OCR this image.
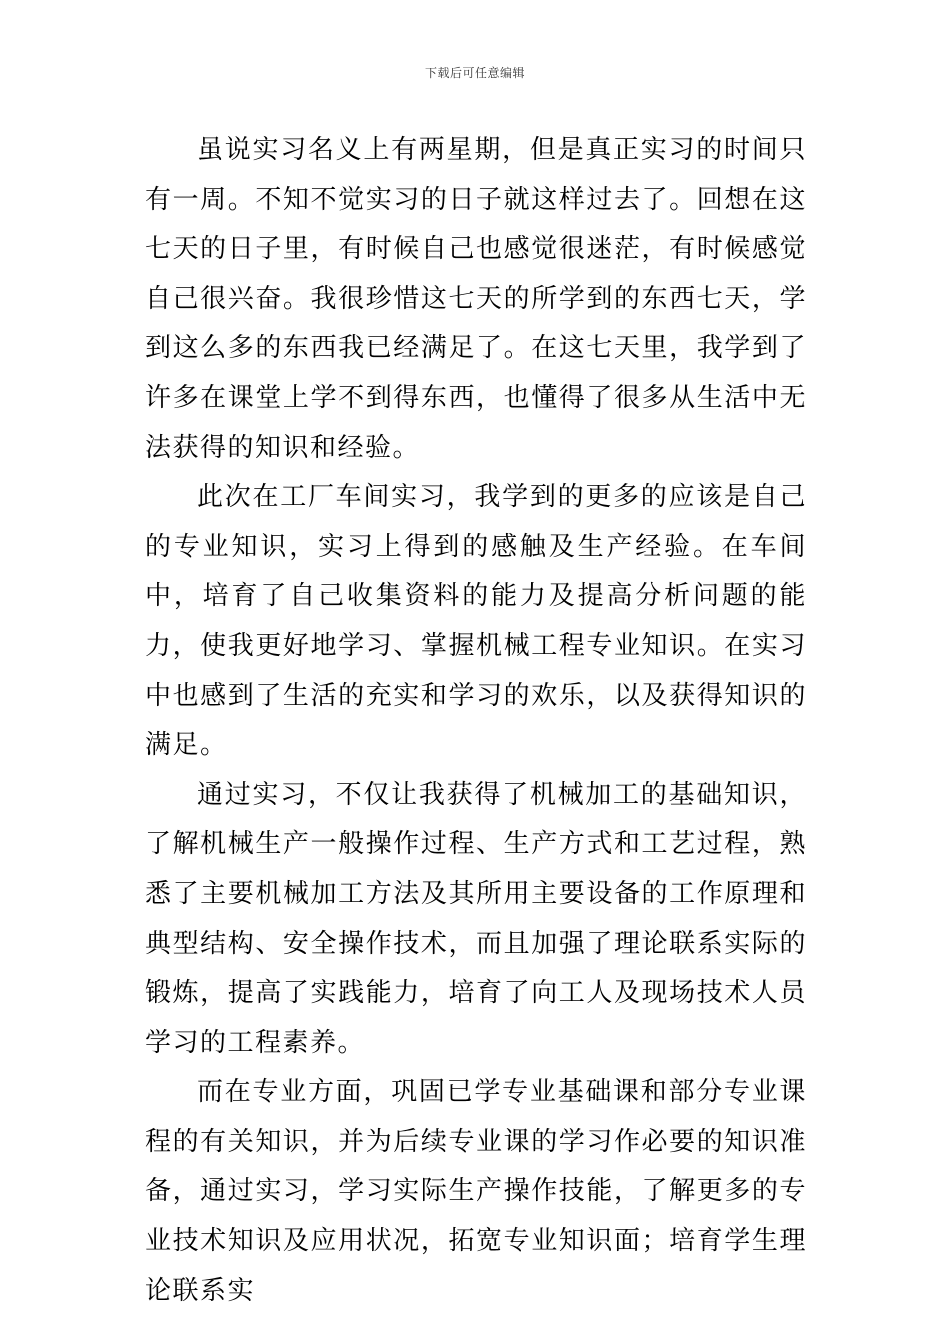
下载后可任意编辑

虽说实习名义上有两星期，但是真正实习的时间只有一周。不知不觉实习的日子就这样过去了。回想在这七天的日子里，有时候自己也感觉很迷茫，有时候感觉自己很兴奋。我很珍惜这七天的所学到的东西七天，学到这么多的东西我已经满足了。在这七天里，我学到了许多在课堂上学不到得东西，也懂得了很多从生活中无法获得的知识和经验。

此次在工厂车间实习，我学到的更多的应该是自己的专业知识，实习上得到的感触及生产经验。在车间中，培育了自己收集资料的能力及提高分析问题的能力，使我更好地学习、掌握机械工程专业知识。在实习中也感到了生活的充实和学习的欢乐，以及获得知识的满足。

通过实习，不仅让我获得了机械加工的基础知识，了解机械生产一般操作过程、生产方式和工艺过程，熟悉了主要机械加工方法及其所用主要设备的工作原理和典型结构、安全操作技术，而且加强了理论联系实际的锻炼，提高了实践能力，培育了向工人及现场技术人员学习的工程素养。

而在专业方面，巩固已学专业基础课和部分专业课程的有关知识，并为后续专业课的学习作必要的知识准备，通过实习，学习实际生产操作技能，了解更多的专业技术知识及应用状况，拓宽专业知识面；培育学生理论联系实
